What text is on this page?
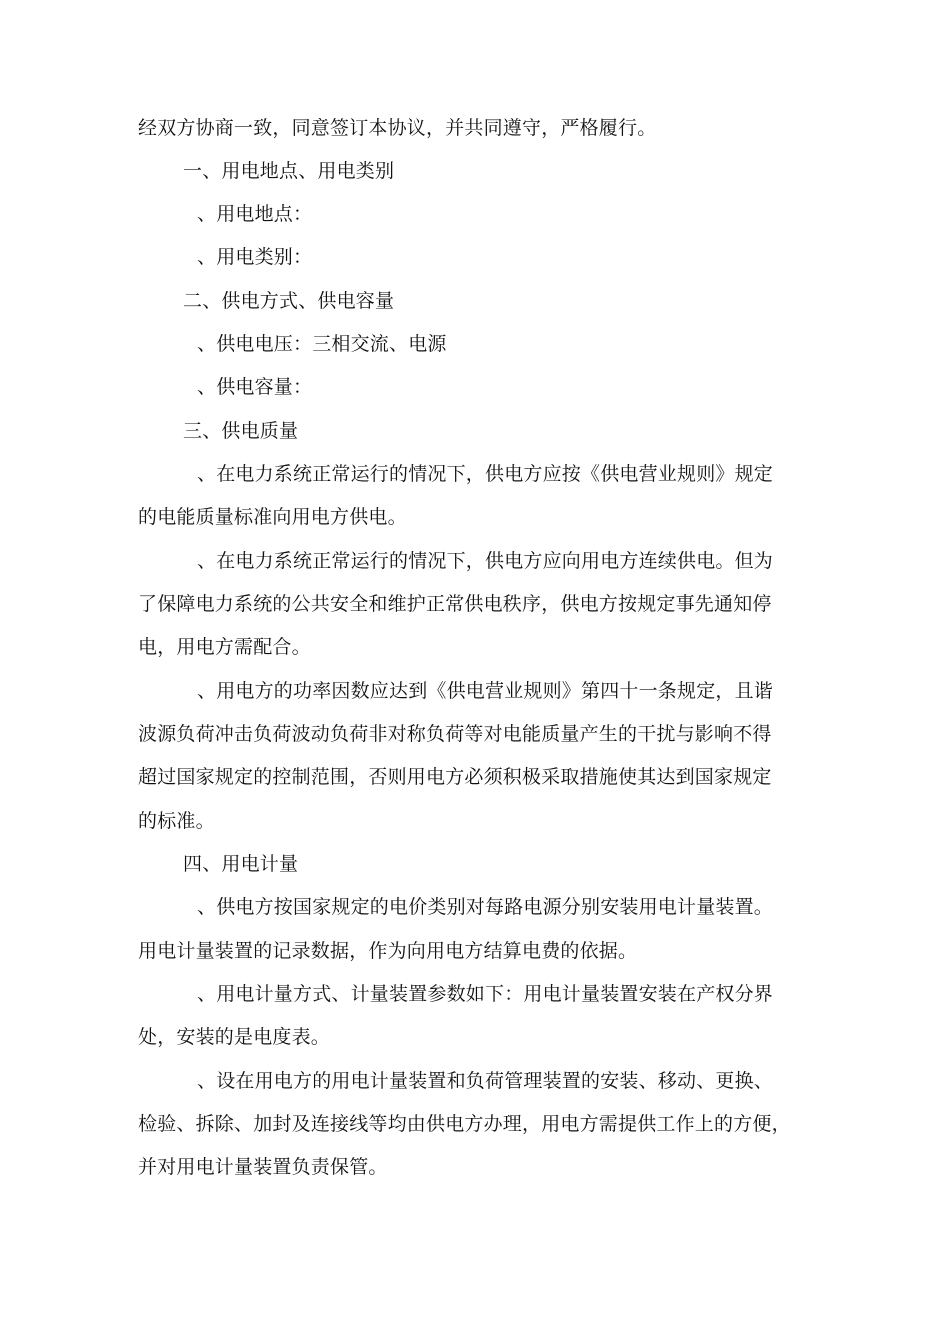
经双方协商一致，同意签订本协议，并共同遵守，严格履行。
一、用电地点、用电类别
、用电地点：
、用电类别：
二、供电方式、供电容量
、供电电压：三相交流、电源
、供电容量：
三、供电质量
、在电力系统正常运行的情况下，供电方应按《供电营业规则》规定
的电能质量标准向用电方供电。
、在电力系统正常运行的情况下，供电方应向用电方连续供电。但为
了保障电力系统的公共安全和维护正常供电秩序，供电方按规定事先通知停
电，用电方需配合。
、用电方的功率因数应达到《供电营业规则》第四十一条规定，且谐
波源负荷冲击负荷波动负荷非对称负荷等对电能质量产生的干扰与影响不得
超过国家规定的控制范围，否则用电方必须积极采取措施使其达到国家规定
的标准。
四、用电计量
、供电方按国家规定的电价类别对每路电源分别安装用电计量装置。
用电计量装置的记录数据，作为向用电方结算电费的依据。
、用电计量方式、计量装置参数如下：用电计量装置安装在产权分界
处，安装的是电度表。
、设在用电方的用电计量装置和负荷管理装置的安装、移动、更换、
检验、拆除、加封及连接线等均由供电方办理，用电方需提供工作上的方便，
并对用电计量装置负责保管。
